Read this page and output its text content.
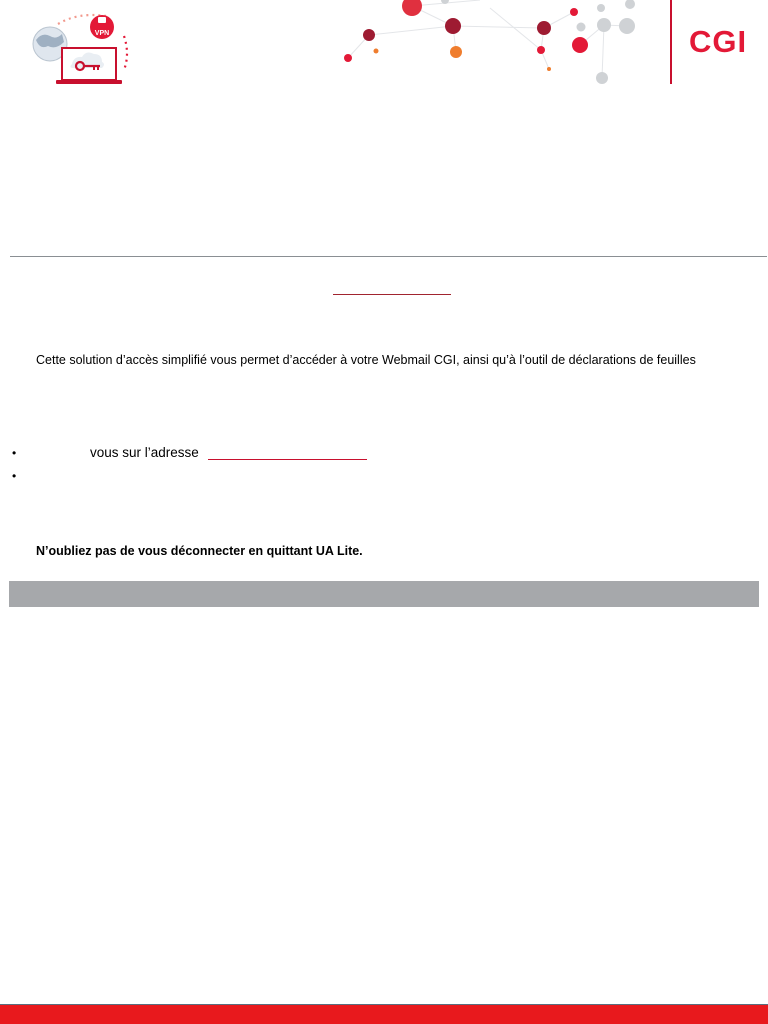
VPN	CGI
Cette solution d’accès simplifié vous permet d’accéder à votre Webmail CGI, ainsi qu’à l’outil de déclarations de feuilles
•	vous sur l’adresse
•
N’oubliez pas de vous déconnecter en quittant UA Lite.
